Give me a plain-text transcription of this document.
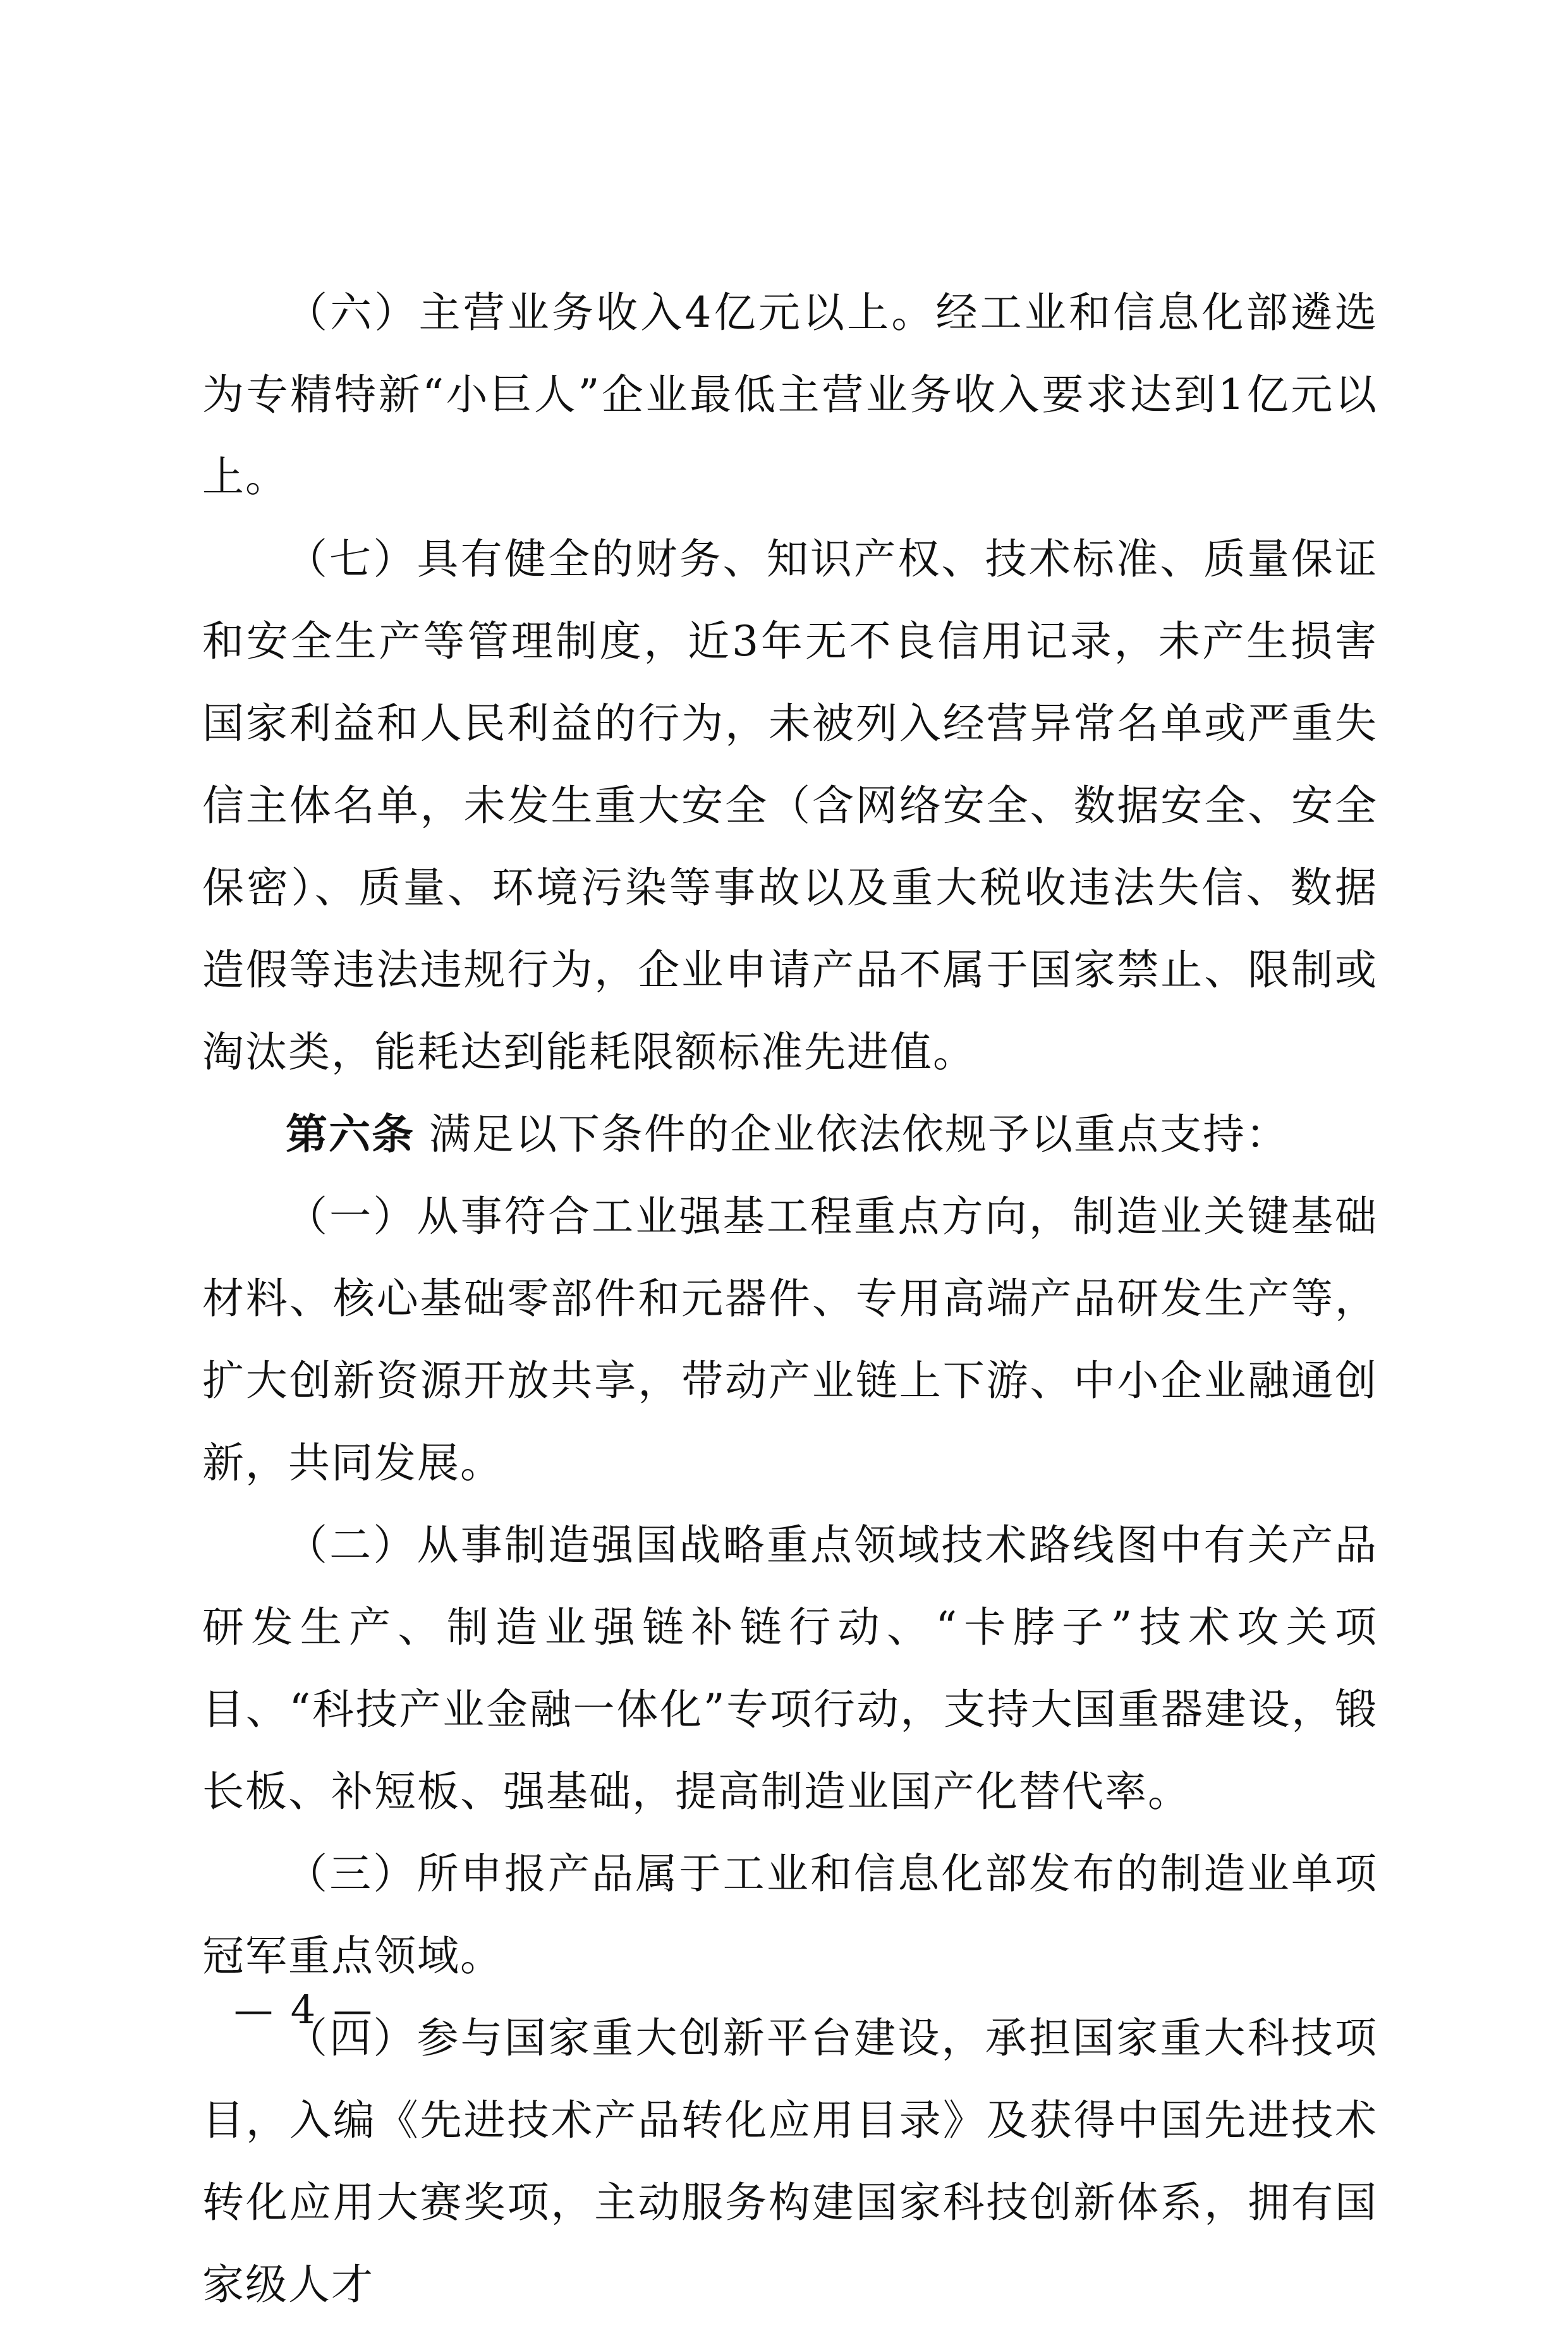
（六）主营业务收入4亿元以上。经工业和信息化部遴选为专精特新“小巨人”企业最低主营业务收入要求达到1亿元以上。

（七）具有健全的财务、知识产权、技术标准、质量保证和安全生产等管理制度，近3年无不良信用记录，未产生损害国家利益和人民利益的行为，未被列入经营异常名单或严重失信主体名单，未发生重大安全（含网络安全、数据安全、安全保密）、质量、环境污染等事故以及重大税收违法失信、数据造假等违法违规行为，企业申请产品不属于国家禁止、限制或淘汰类，能耗达到能耗限额标准先进值。

第六条 满足以下条件的企业依法依规予以重点支持：

（一）从事符合工业强基工程重点方向，制造业关键基础材料、核心基础零部件和元器件、专用高端产品研发生产等，扩大创新资源开放共享，带动产业链上下游、中小企业融通创新，共同发展。

（二）从事制造强国战略重点领域技术路线图中有关产品研发生产、制造业强链补链行动、“卡脖子”技术攻关项目、“科技产业金融一体化”专项行动，支持大国重器建设，锻长板、补短板、强基础，提高制造业国产化替代率。

（三）所申报产品属于工业和信息化部发布的制造业单项冠军重点领域。

（四）参与国家重大创新平台建设，承担国家重大科技项目，入编《先进技术产品转化应用目录》及获得中国先进技术转化应用大赛奖项，主动服务构建国家科技创新体系，拥有国家级人才

— 4 —
